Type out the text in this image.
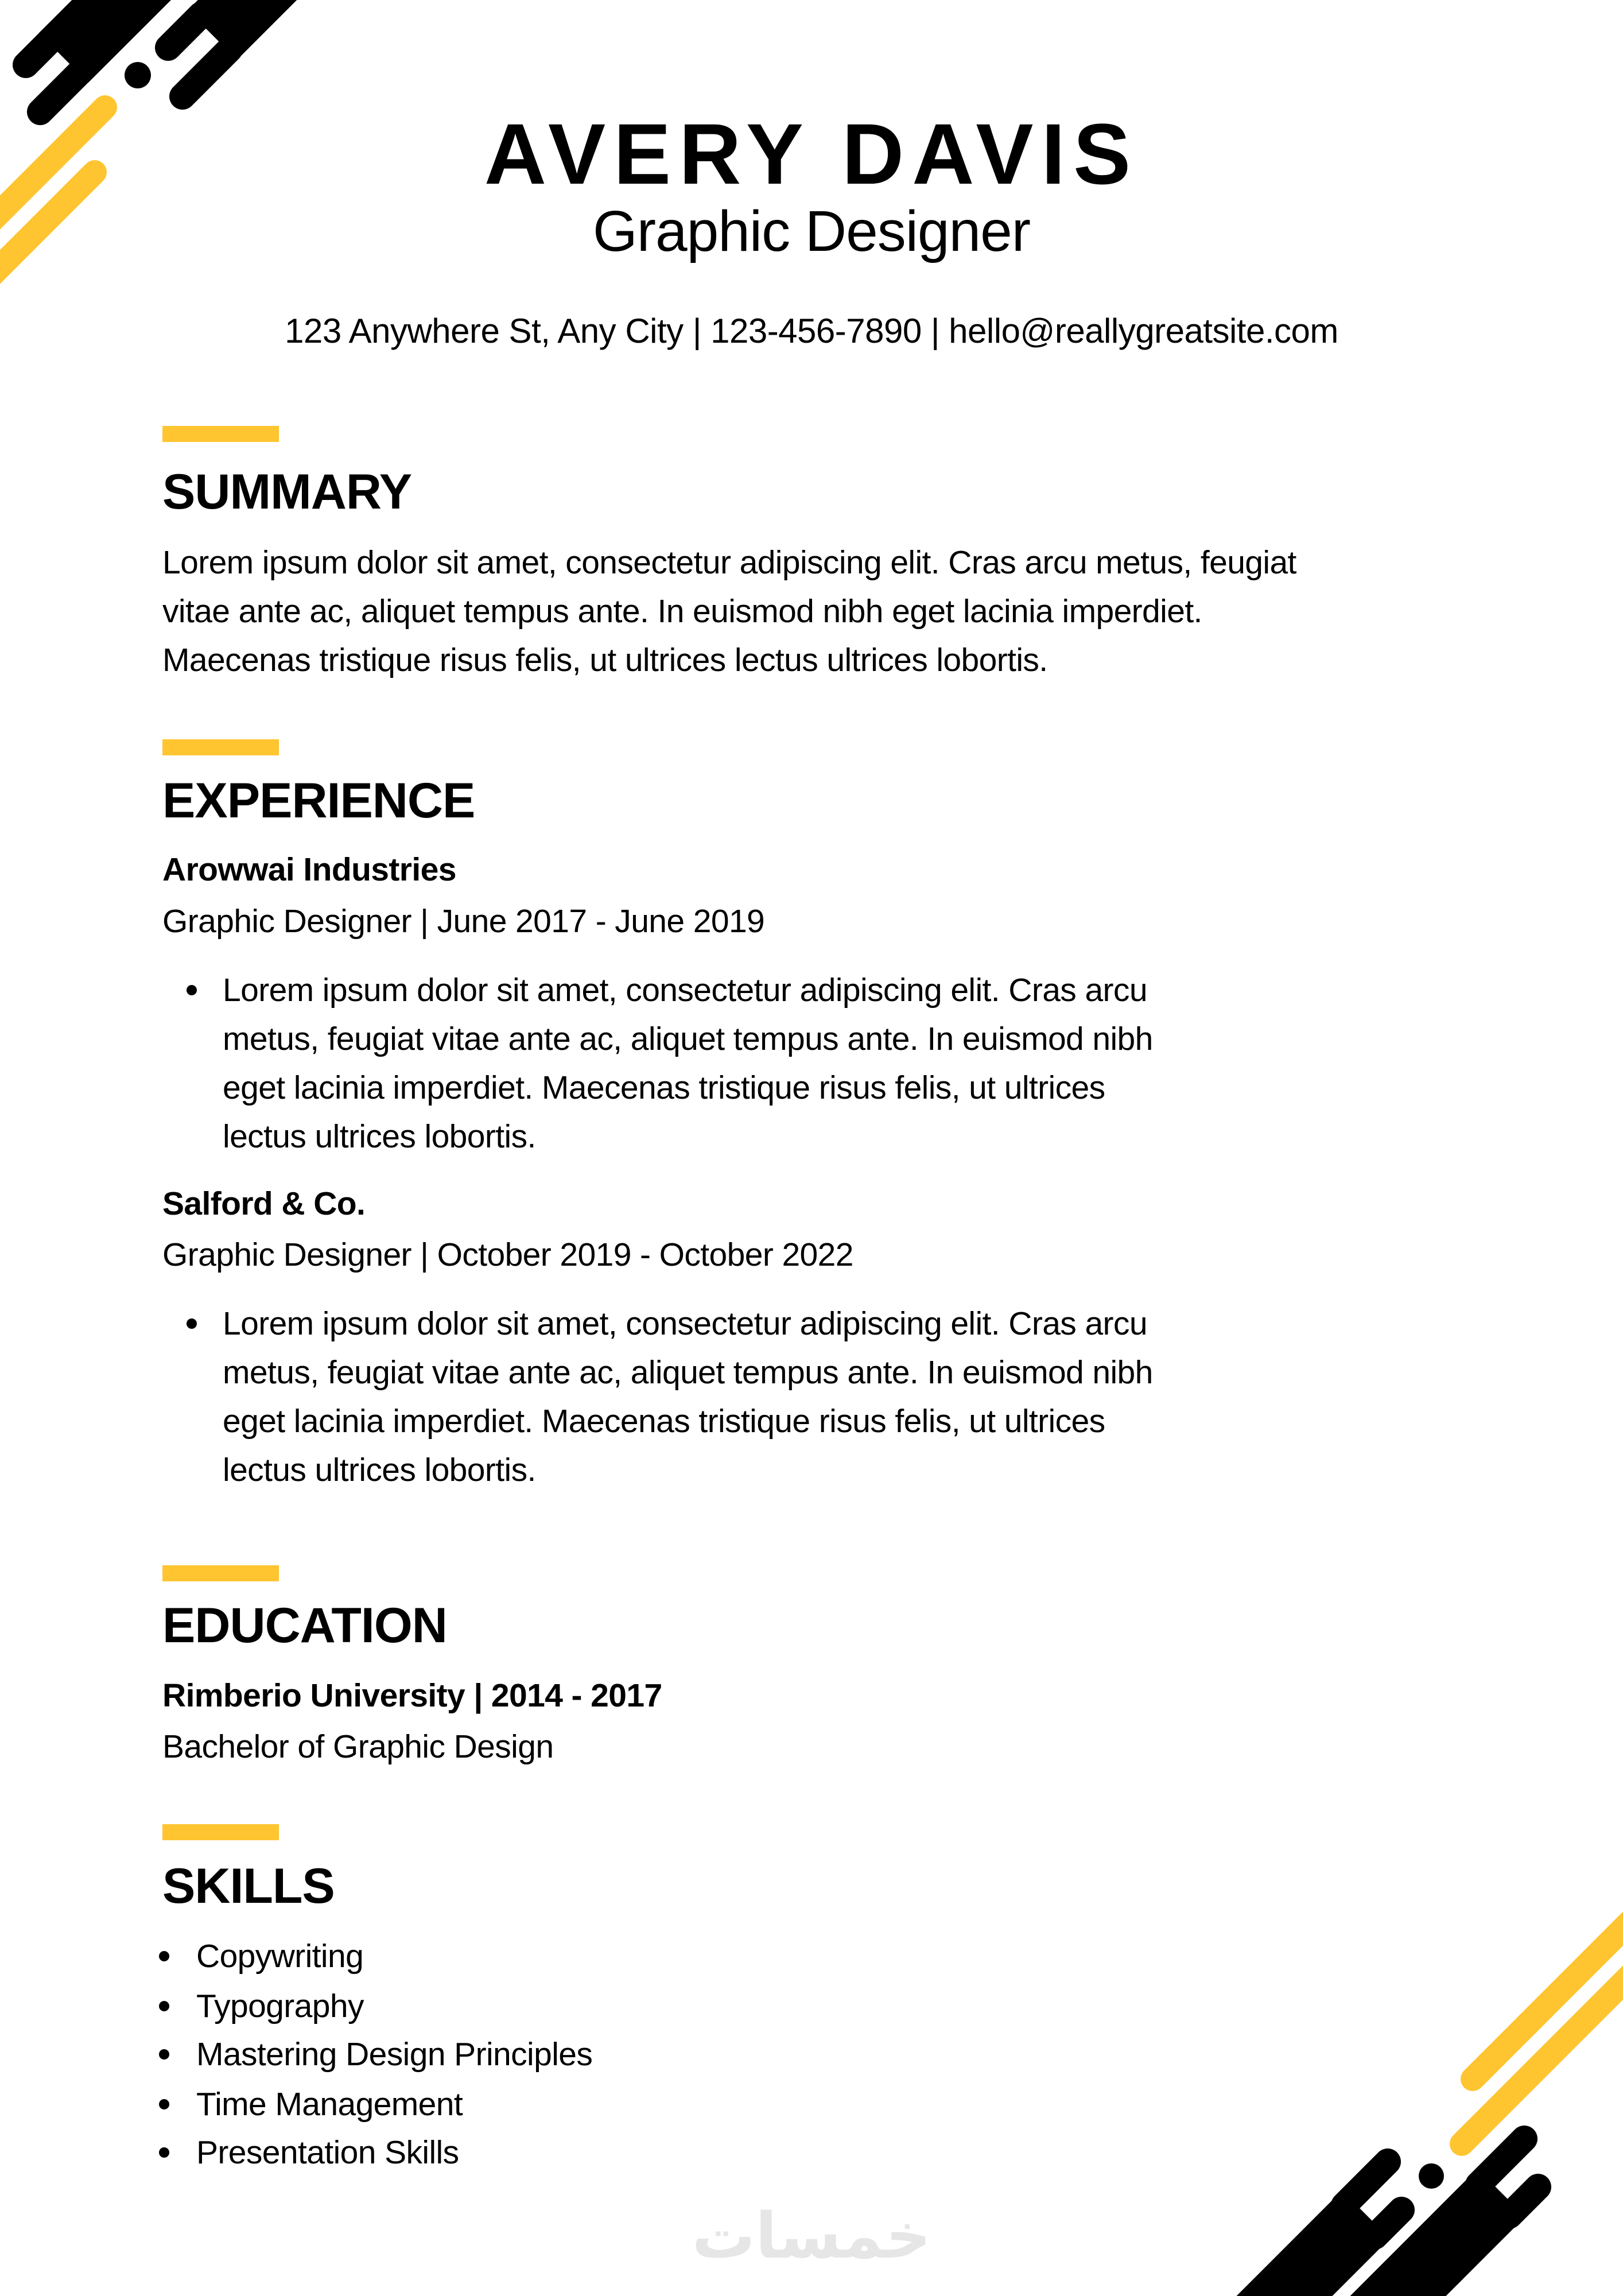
AVERY DAVIS
Graphic Designer
123 Anywhere St, Any City | 123-456-7890 | hello@reallygreatsite.com
SUMMARY
Lorem ipsum dolor sit amet, consectetur adipiscing elit. Cras arcu metus, feugiat
vitae ante ac, aliquet tempus ante. In euismod nibh eget lacinia imperdiet.
Maecenas tristique risus felis, ut ultrices lectus ultrices lobortis.
EXPERIENCE
Arowwai Industries
Graphic Designer | June 2017 - June 2019
Lorem ipsum dolor sit amet, consectetur adipiscing elit. Cras arcu
metus, feugiat vitae ante ac, aliquet tempus ante. In euismod nibh
eget lacinia imperdiet. Maecenas tristique risus felis, ut ultrices
lectus ultrices lobortis.
Salford & Co.
Graphic Designer | October 2019 - October 2022
Lorem ipsum dolor sit amet, consectetur adipiscing elit. Cras arcu
metus, feugiat vitae ante ac, aliquet tempus ante. In euismod nibh
eget lacinia imperdiet. Maecenas tristique risus felis, ut ultrices
lectus ultrices lobortis.
EDUCATION
Rimberio University | 2014 - 2017
Bachelor of Graphic Design
SKILLS
Copywriting
Typography
Mastering Design Principles
Time Management
Presentation Skills
خمسات
